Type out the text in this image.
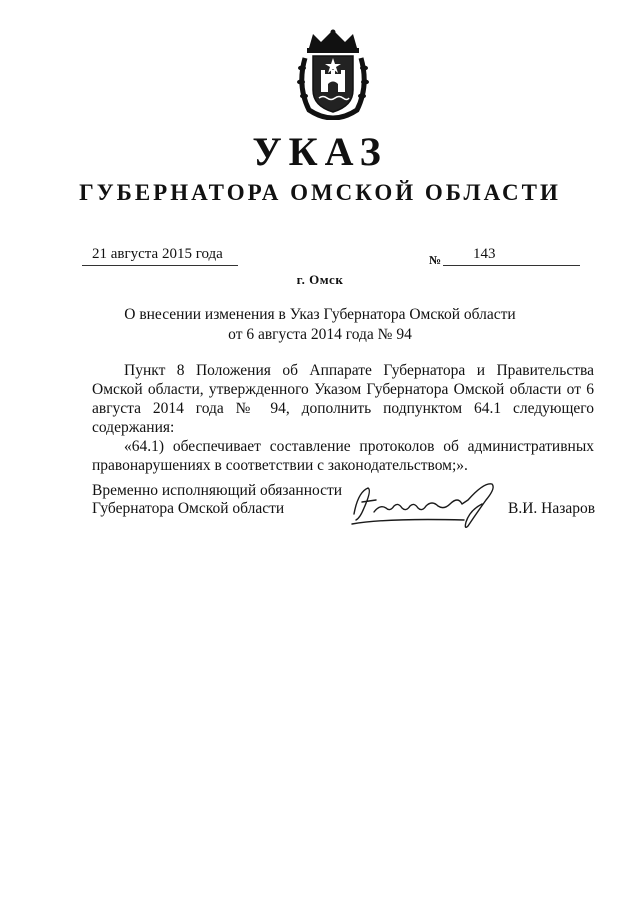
УКАЗ
ГУБЕРНАТОРА ОМСКОЙ ОБЛАСТИ
21 августа 2015 года	№	143
г. Омск
О внесении изменения в Указ Губернатора Омской области
от 6 августа 2014 года № 94

Пункт 8 Положения об Аппарате Губернатора и Правительства Омской области, утвержденного Указом Губернатора Омской области от 6 августа 2014 года № 94, дополнить подпунктом 64.1 следующего содержания:

«64.1) обеспечивает составление протоколов об административных правонарушениях в соответствии с законодательством;».

Временно исполняющий обязанности
Губернатора Омской области	В.И. Назаров
